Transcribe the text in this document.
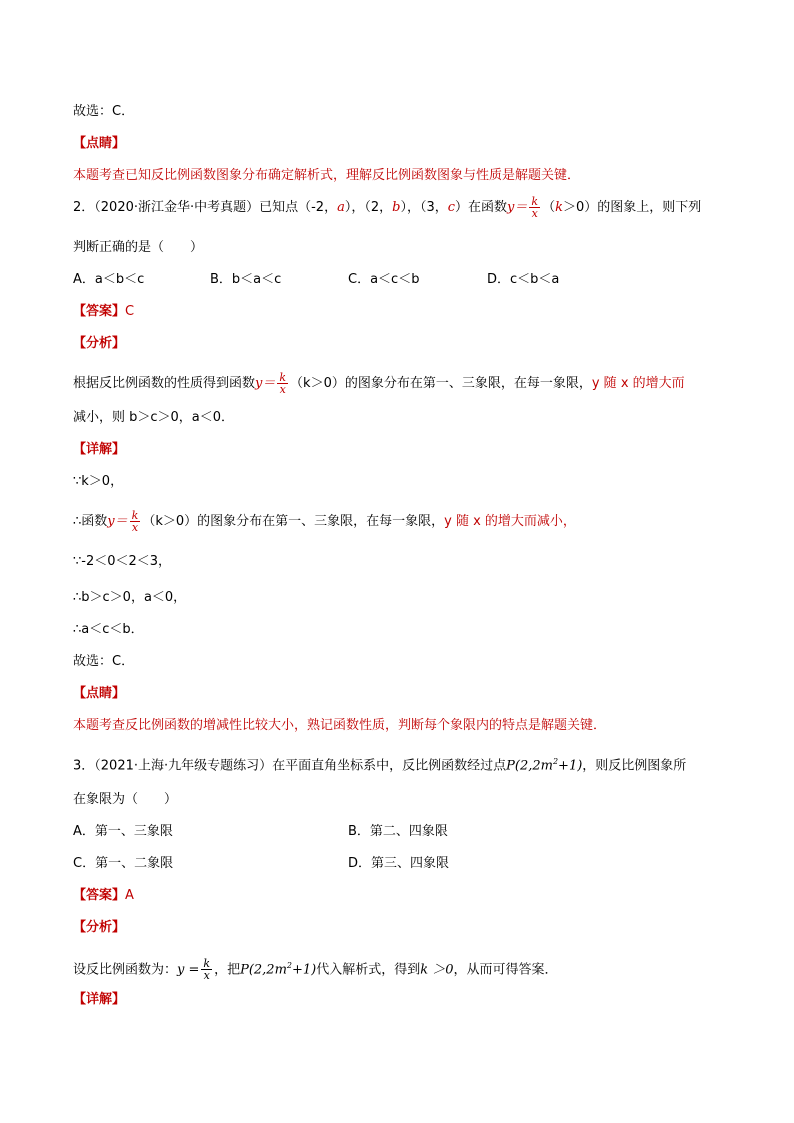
故选：C．
【点睛】
本题考查已知反比例函数图象分布确定解析式，理解反比例函数图象与性质是解题关键．
2．（2020·浙江金华·中考真题）已知点（-2，a），（2，b），（3，c）在函数$y= \frac{k}{x} (k>0)$的图象上，则下列
判断正确的是（　　）
A．a＜b＜c	B．b＜a＜c	C．a＜c＜b	D．c＜b＜a
【答案】C
【分析】
根据反比例函数的性质得到函数$y= \frac{k}{x} (k>0)$的图象分布在第一、三象限，在每一象限，y 随 x 的增大而
减小，则 b＞c＞0，a＜0．
【详解】
∵k＞0，
∴函数$y= \frac{k}{x} (k>0)$的图象分布在第一、三象限，在每一象限，y 随 x 的增大而减小，
∵-2＜0＜2＜3，
∴b＞c＞0，a＜0，
∴a＜c＜b．
故选：C．
【点睛】
本题考查反比例函数的增减性比较大小，熟记函数性质，判断每个象限内的特点是解题关键．
3．（2021·上海·九年级专题练习）在平面直角坐标系中，反比例函数经过点$P(2,2m^2+1)$，则反比例图象所
在象限为（　　）
A．第一、三象限	B．第二、四象限
C．第一、二象限	D．第三、四象限
【答案】A
【分析】
设反比例函数为：$y = \frac{k}{x}$ ，把$P(2,2m^2+1)$代入解析式，得到k ＞0，从而可得答案．
【详解】
